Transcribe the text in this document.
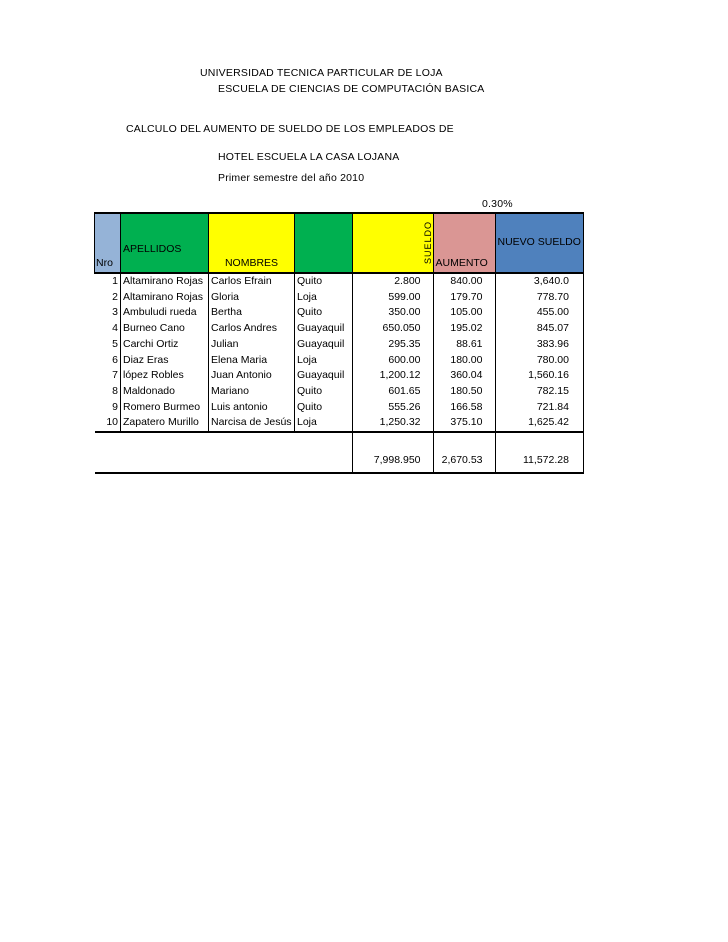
UNIVERSIDAD TECNICA PARTICULAR DE LOJA
ESCUELA DE CIENCIAS DE COMPUTACIÓN BASICA
CALCULO DEL AUMENTO DE SUELDO DE LOS EMPLEADOS DE
HOTEL ESCUELA LA CASA LOJANA
Primer semestre del año 2010
0.30%
Nro	APELLIDOS	NOMBRES	CIUDAD		SUELDO	AUMENTO	NUEVO SUELDO
1	Altamirano Rojas	Carlos Efrain	Quito	2.800		840.00	3,640.0
2	Altamirano Rojas	Gloria	Loja	599.00		179.70	778.70
3	Ambuludi rueda	Bertha	Quito	350.00		105.00	455.00
4	Burneo Cano	Carlos Andres	Guayaquil	650.050		195.02	845.07
5	Carchi Ortiz	Julian	Guayaquil	295.35		88.61	383.96
6	Diaz Eras	Elena Maria	Loja	600.00		180.00	780.00
7	lópez Robles	Juan Antonio	Guayaquil	1,200.12		360.04	1,560.16
8	Maldonado	Mariano	Quito	601.65		180.50	782.15
9	Romero Burmeo	Luis antonio	Quito	555.26		166.58	721.84
10	Zapatero Murillo	Narcisa de Jesús	Loja	1,250.32		375.10	1,625.42
				7,998.950		2,670.53	11,572.28
